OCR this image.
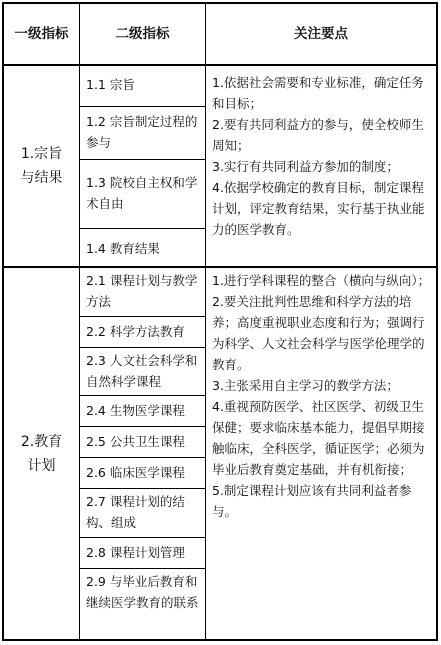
一级指标	二级指标	关注要点
1.宗旨与结果
1.1 宗旨
1.2 宗旨制定过程的参与
1.3 院校自主权和学术自由
1.4 教育结果
1.依据社会需要和专业标准，确定任务和目标；
2.要有共同利益方的参与，使全校师生周知；
3.实行有共同利益方参加的制度；
4.依据学校确定的教育目标，制定课程计划，评定教育结果，实行基于执业能力的医学教育。
2.教育计划
2.1 课程计划与教学方法
2.2 科学方法教育
2.3 人文社会科学和自然科学课程
2.4 生物医学课程
2.5 公共卫生课程
2.6 临床医学课程
2.7 课程计划的结构、组成
2.8 课程计划管理
2.9 与毕业后教育和继续医学教育的联系
1.进行学科课程的整合（横向与纵向）；
2.要关注批判性思维和科学方法的培养；高度重视职业态度和行为；强调行为科学、人文社会科学与医学伦理学的教育。
3.主张采用自主学习的教学方法；
4.重视预防医学、社区医学、初级卫生保健；要求临床基本能力，提倡早期接触临床，全科医学，循证医学；必须为毕业后教育奠定基础，并有机衔接；
5.制定课程计划应该有共同利益者参与。
